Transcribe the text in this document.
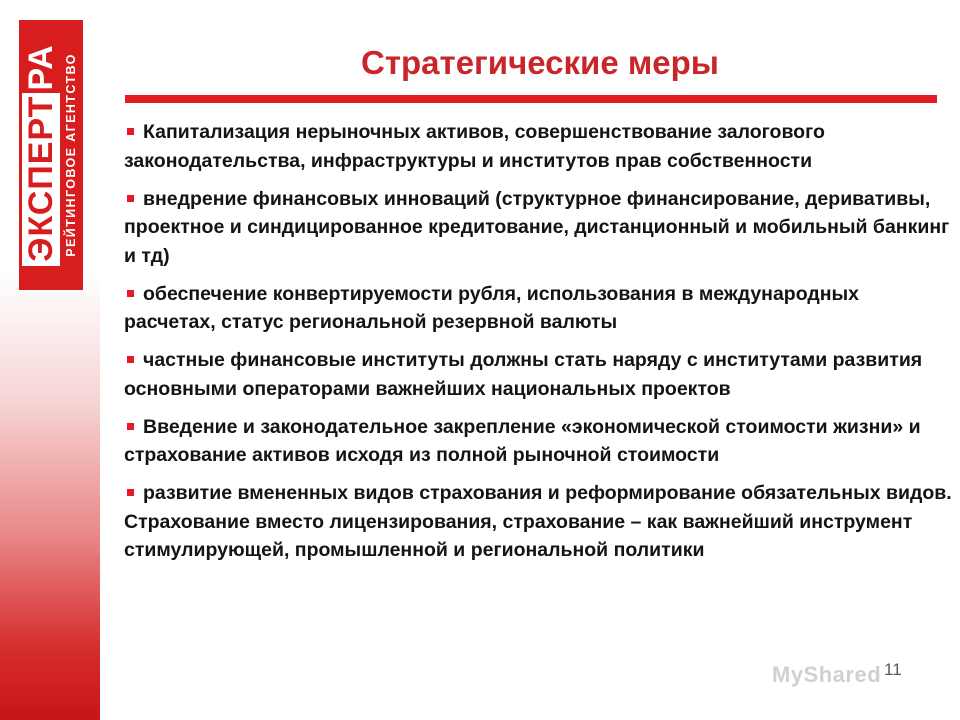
ЭКСПЕРТ
РА РЕЙТИНГОВОЕ АГЕНТСТВО	Стратегические меры
Капитализация нерыночных активов, совершенствование залогового законодательства, инфраструктуры и институтов прав собственности
внедрение финансовых инноваций (структурное финансирование, деривативы, проектное и синдицированное кредитование, дистанционный и мобильный банкинг и тд)
обеспечение конвертируемости рубля, использования в международных расчетах, статус региональной резервной валюты
частные финансовые институты должны стать наряду с институтами развития основными операторами важнейших национальных проектов
Введение и законодательное закрепление «экономической стоимости жизни» и страхование активов исходя из полной рыночной стоимости
развитие вмененных видов страхования и реформирование обязательных видов. Страхование вместо лицензирования, страхование – как важнейший инструмент стимулирующей, промышленной и региональной политики
MyShared 11
